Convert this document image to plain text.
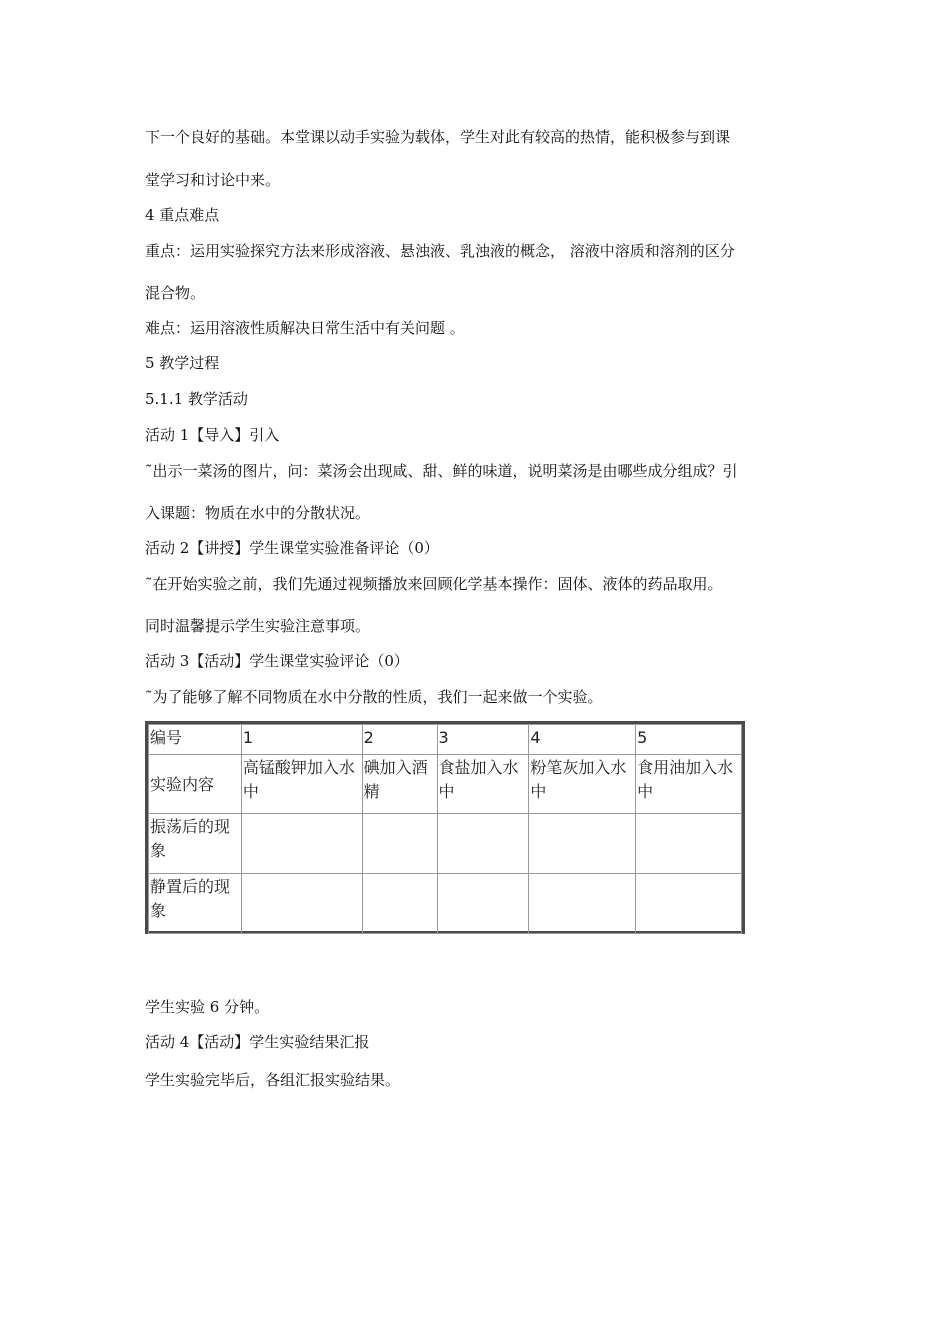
下一个良好的基础。本堂课以动手实验为载体，学生对此有较高的热情，能积极参与到课
堂学习和讨论中来。
4 重点难点
重点：运用实验探究方法来形成溶液、悬浊液、乳浊液的概念， 溶液中溶质和溶剂的区分
混合物。
难点：运用溶液性质解决日常生活中有关问题 。
5 教学过程
5.1.1 教学活动
活动 1【导入】引入
˜出示一菜汤的图片，问：菜汤会出现咸、甜、鲜的味道，说明菜汤是由哪些成分组成？引
入课题：物质在水中的分散状况。
活动 2【讲授】学生课堂实验准备评论（0）
˜在开始实验之前，我们先通过视频播放来回顾化学基本操作：固体、液体的药品取用。
同时温馨提示学生实验注意事项。
活动 3【活动】学生课堂实验评论（0）
˜为了能够了解不同物质在水中分散的性质，我们一起来做一个实验。
编号	1	2	3	4	5
实验内容	高锰酸钾加入水中	碘加入酒精	食盐加入水中	粉笔灰加入水中	食用油加入水中
振荡后的现象					
静置后的现象					
学生实验 6 分钟。
活动 4【活动】学生实验结果汇报
学生实验完毕后，各组汇报实验结果。
